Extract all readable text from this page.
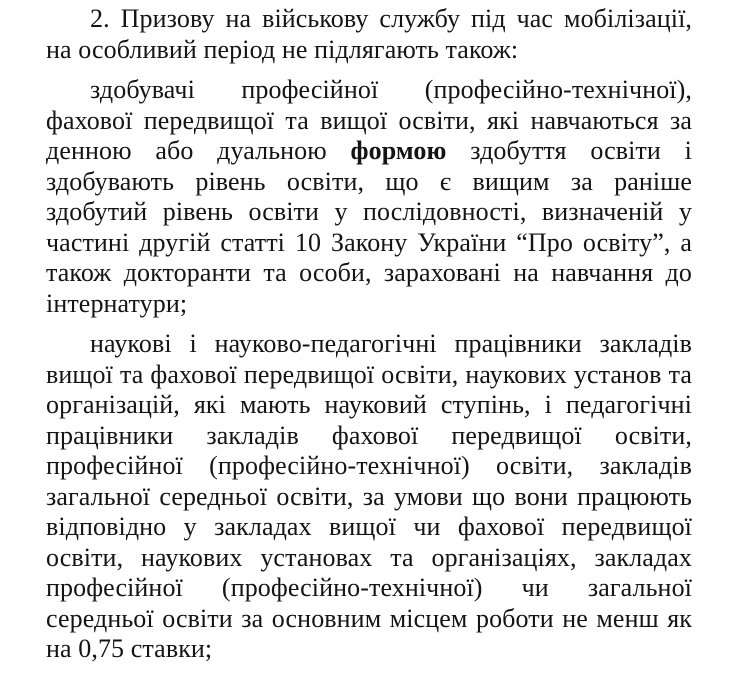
2. Призову на військову службу під час мобілізації, на особливий період не підлягають також:

здобувачі професійної (професійно-технічної), фахової передвищої та вищої освіти, які навчаються за денною або дуальною формою здобуття освіти і здобувають рівень освіти, що є вищим за раніше здобутий рівень освіти у послідовності, визначеній у частині другій статті 10 Закону України “Про освіту”, а також докторанти та особи, зараховані на навчання до інтернатури;

наукові і науково-педагогічні працівники закладів вищої та фахової передвищої освіти, наукових установ та організацій, які мають науковий ступінь, і педагогічні працівники закладів фахової передвищої освіти, професійної (професійно-технічної) освіти, закладів загальної середньої освіти, за умови що вони працюють відповідно у закладах вищої чи фахової передвищої освіти, наукових установах та організаціях, закладах професійної (професійно-технічної) чи загальної середньої освіти за основним місцем роботи не менш як на 0,75 ставки;
